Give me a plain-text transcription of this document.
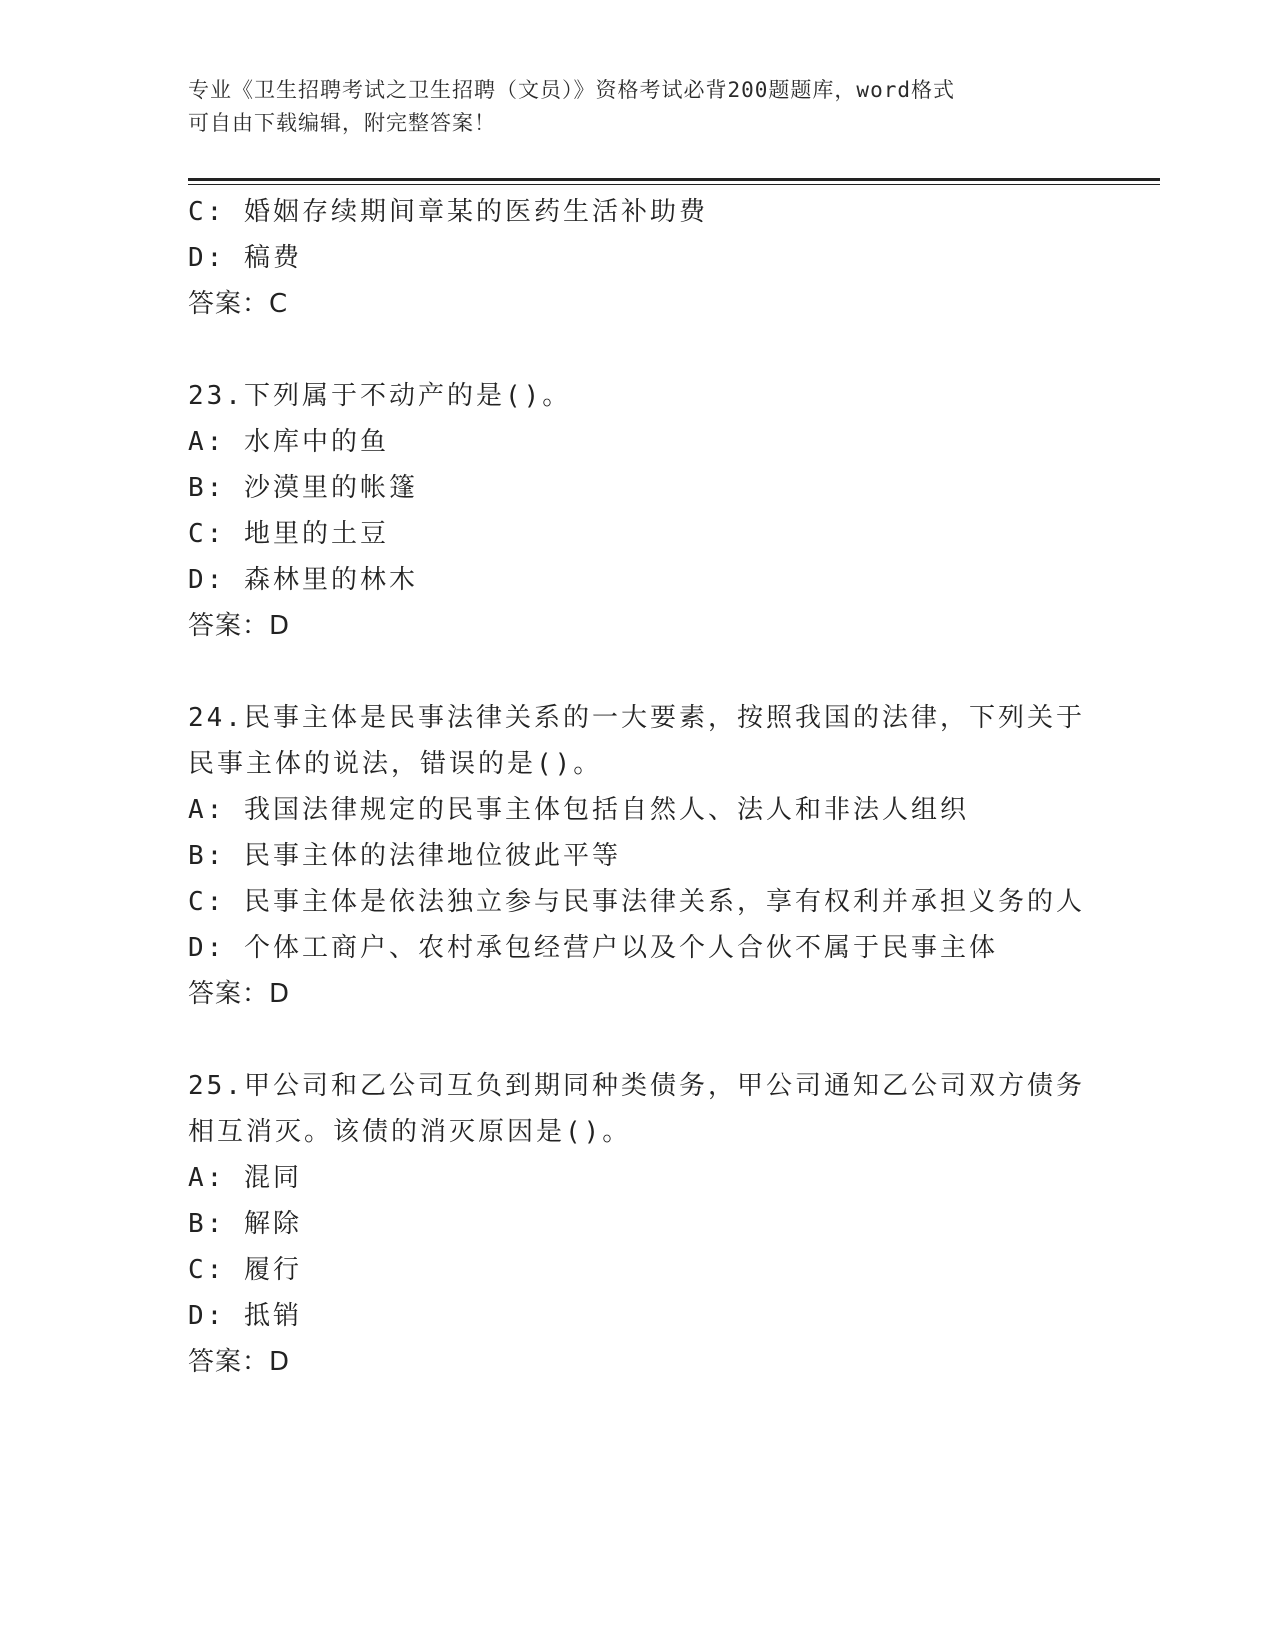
专业《卫生招聘考试之卫生招聘（文员）》资格考试必背200题题库，word格式
可自由下载编辑，附完整答案！
C: 婚姻存续期间章某的医药生活补助费
D: 稿费
答案：C
23.下列属于不动产的是()。
A: 水库中的鱼
B: 沙漠里的帐篷
C: 地里的土豆
D: 森林里的林木
答案：D
24.民事主体是民事法律关系的一大要素，按照我国的法律，下列关于
民事主体的说法，错误的是()。
A: 我国法律规定的民事主体包括自然人、法人和非法人组织
B: 民事主体的法律地位彼此平等
C: 民事主体是依法独立参与民事法律关系，享有权利并承担义务的人
D: 个体工商户、农村承包经营户以及个人合伙不属于民事主体
答案：D
25.甲公司和乙公司互负到期同种类债务，甲公司通知乙公司双方债务
相互消灭。该债的消灭原因是()。
A: 混同
B: 解除
C: 履行
D: 抵销
答案：D
